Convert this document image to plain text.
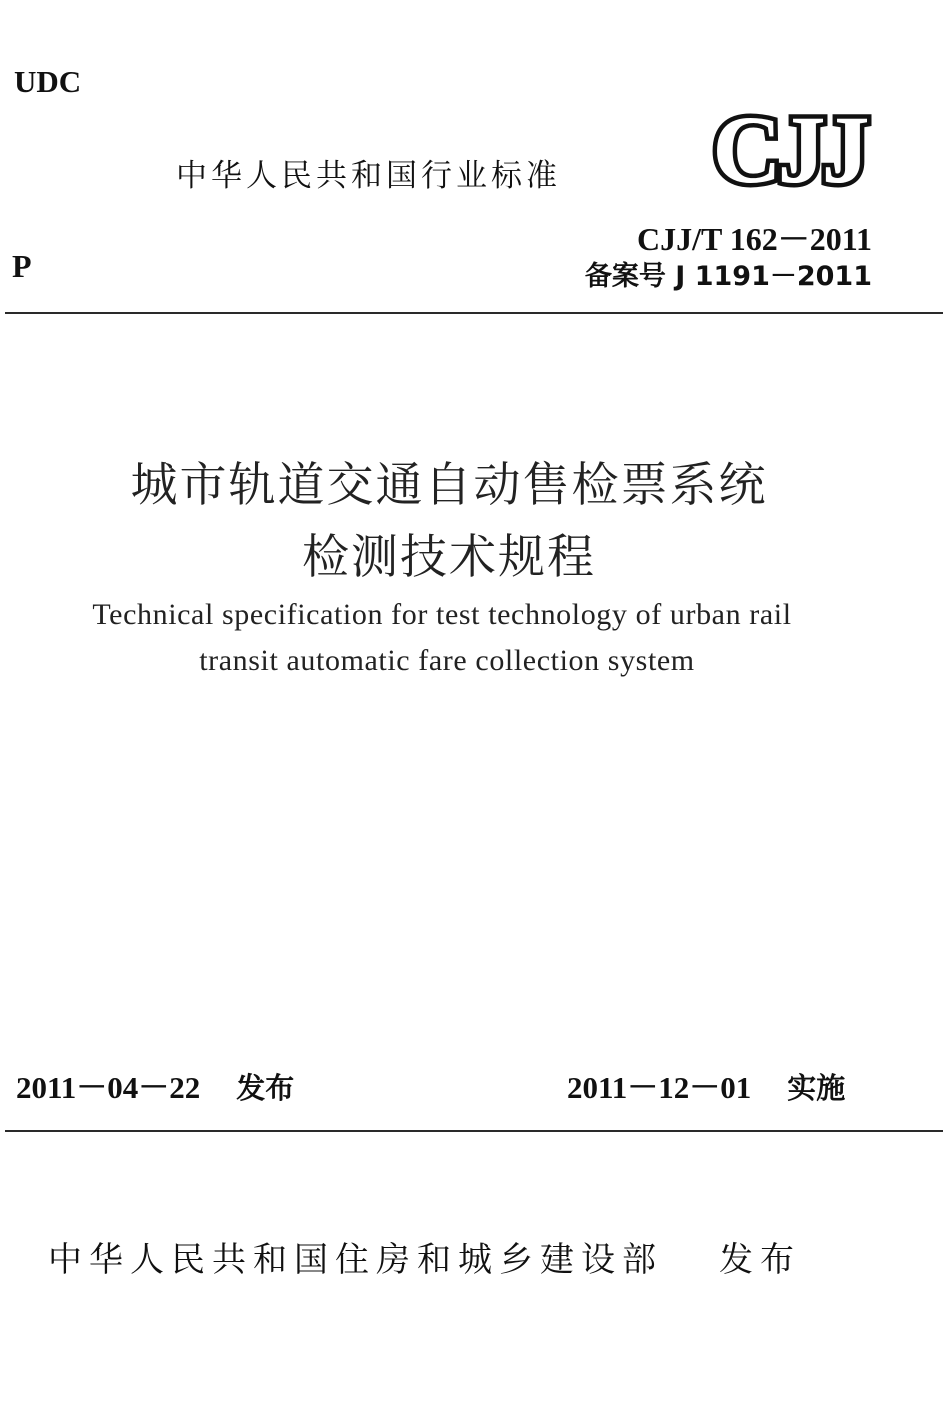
UDC
中华人民共和国行业标准 CJJ
CJJ/T 162－2011
P	备案号 J 1191－2011
城市轨道交通自动售检票系统
检测技术规程
Technical specification for test technology of urban rail
transit automatic fare collection system
2011－04－22 发布	2011－12－01 实施
中华人民共和国住房和城乡建设部 发布
